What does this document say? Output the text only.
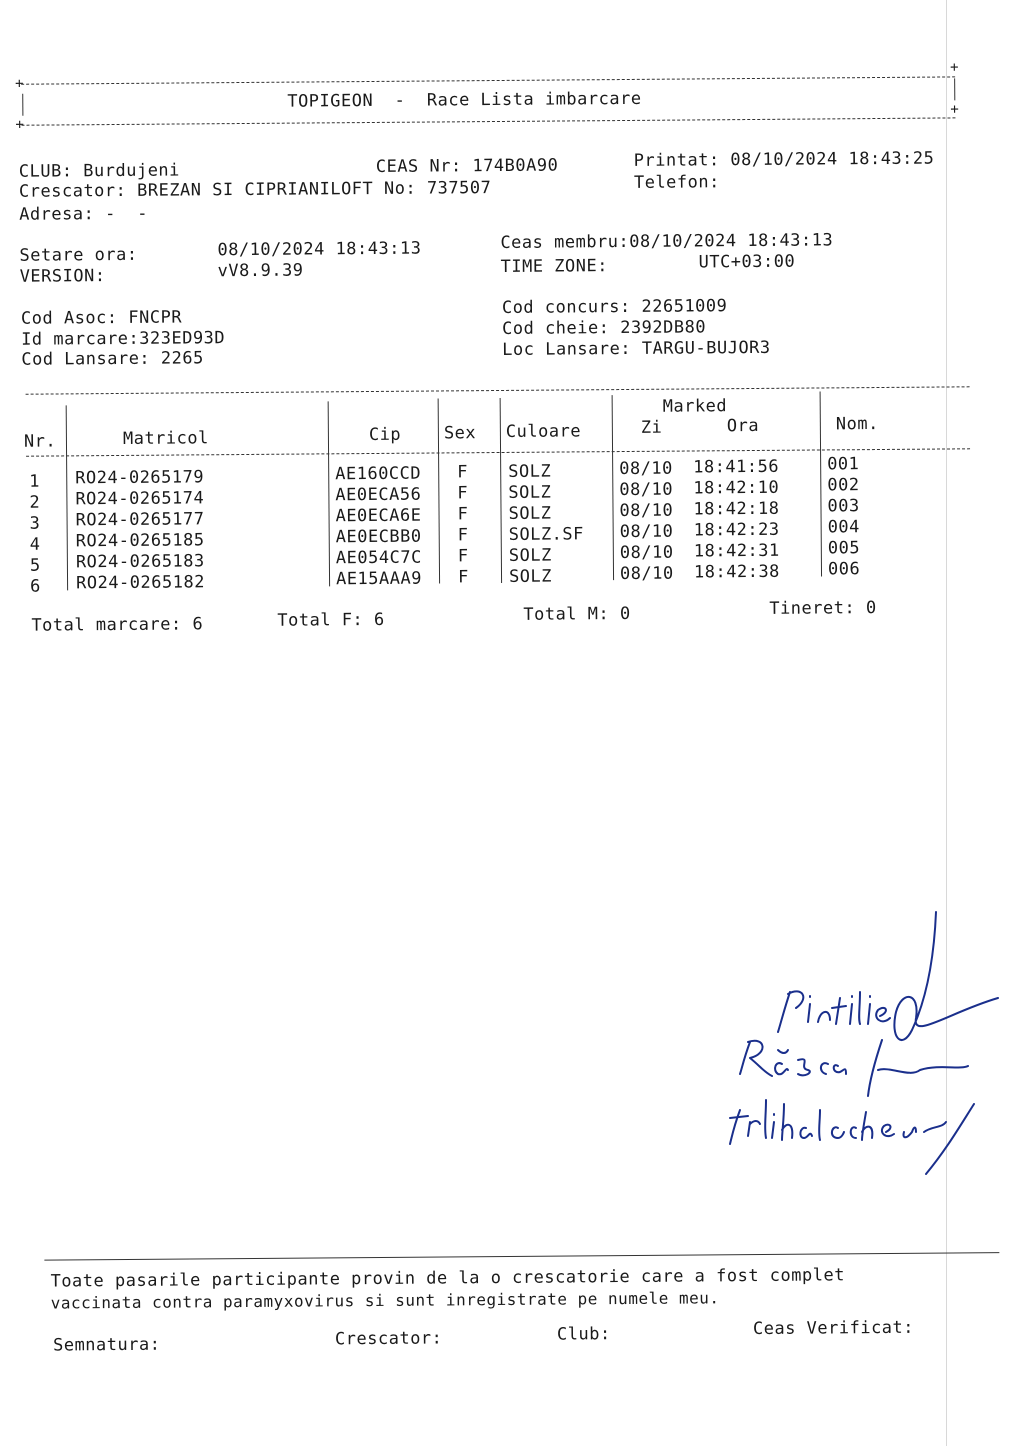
+
+
TOPIGEON  -  Race Lista imbarcare
+
+
CLUB: Burdujeni	CEAS Nr: 174B0A90	Printat: 08/10/2024 18:43:25
Crescator: BREZAN SI CIPRIANILOFT No: 737507	Telefon:
Adresa: -  -
Setare ora:	08/10/2024 18:43:13	Ceas membru:08/10/2024 18:43:13
VERSION:	vV8.9.39	TIME ZONE:	UTC+03:00
Cod Asoc: FNCPR
Id marcare:323ED93D
Cod Lansare: 2265
Cod concurs: 22651009
Cod cheie: 2392DB80
Loc Lansare: TARGU-BUJOR3
Nr.	Matricol	Cip	Sex Culoare
Marked
Zi	Ora	Nom.
1 RO24-0265179	AE160CCD F SOLZ	08/10 18:41:56	001
2 RO24-0265174	AE0ECA56 F SOLZ	08/10 18:42:10	002
3 RO24-0265177	AE0ECA6E F SOLZ	08/10 18:42:18	003
4 RO24-0265185	AE0ECBB0 F SOLZ.SF 08/10 18:42:23	004
5 RO24-0265183	AE054C7C F SOLZ	08/10 18:42:31	005
6 RO24-0265182	AE15AAA9 F SOLZ	08/10 18:42:38	006
Total marcare: 6	Total F: 6	Total M: 0	Tineret: 0
Toate pasarile participante provin de la o crescatorie care a fost complet
vaccinata contra paramyxovirus si sunt inregistrate pe numele meu.
Semnatura:	Crescator:	Club:	Ceas Verificat:
